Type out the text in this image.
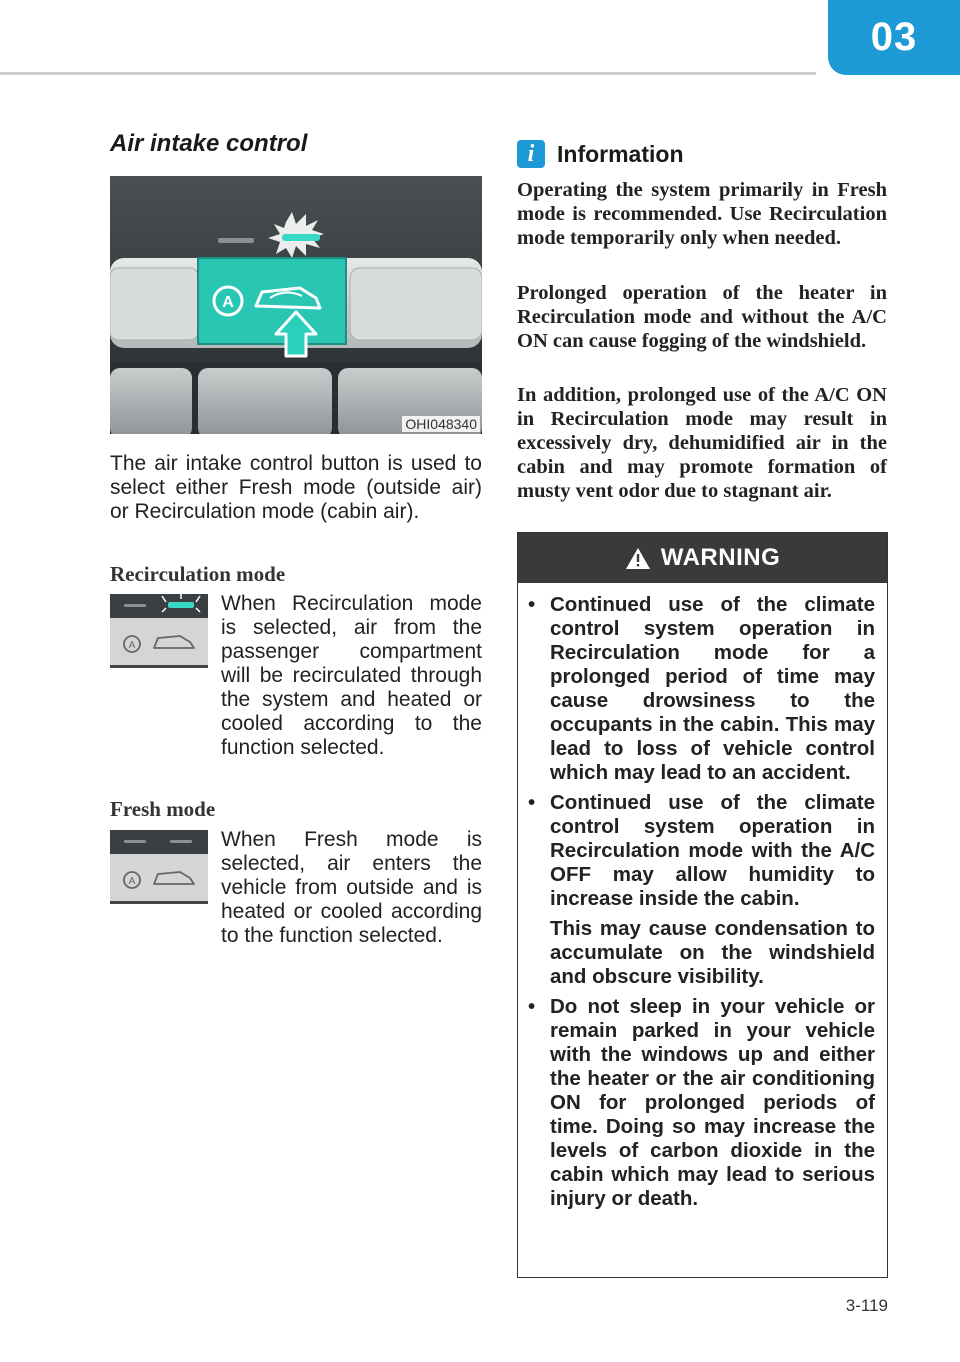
03
Air intake control
A
OHI048340

The air intake control button is used to select either Fresh mode (outside air) or Recirculation mode (cabin air).

Recirculation mode
A

When Recirculation mode is selected, air from the passenger compartment will be recirculated through the system and heated or cooled according to the function selected.

Fresh mode
A

When Fresh mode is selected, air enters the vehicle from outside and is heated or cooled according to the function selected.

i Information

Operating the system primarily in Fresh mode is recommended. Use Recirculation mode temporarily only when needed.

Prolonged operation of the heater in Recirculation mode and without the A/C ON can cause fogging of the windshield.

In addition, prolonged use of the A/C ON in Recirculation mode may result in excessively dry, dehumidified air in the cabin and may promote formation of musty vent odor due to stagnant air.

WARNING
• Continued use of the climate control system operation in Recirculation mode for a prolonged period of time may cause drowsiness to the occupants in the cabin. This may lead to loss of vehicle control which may lead to an accident.

• Continued use of the climate control system operation in Recirculation mode with the A/C OFF may allow humidity to increase inside the cabin.

This may cause condensation to accumulate on the windshield and obscure visibility.

• Do not sleep in your vehicle or remain parked in your vehicle with the windows up and either the heater or the air conditioning ON for prolonged periods of time. Doing so may increase the levels of carbon dioxide in the cabin which may lead to serious injury or death.

3-119
